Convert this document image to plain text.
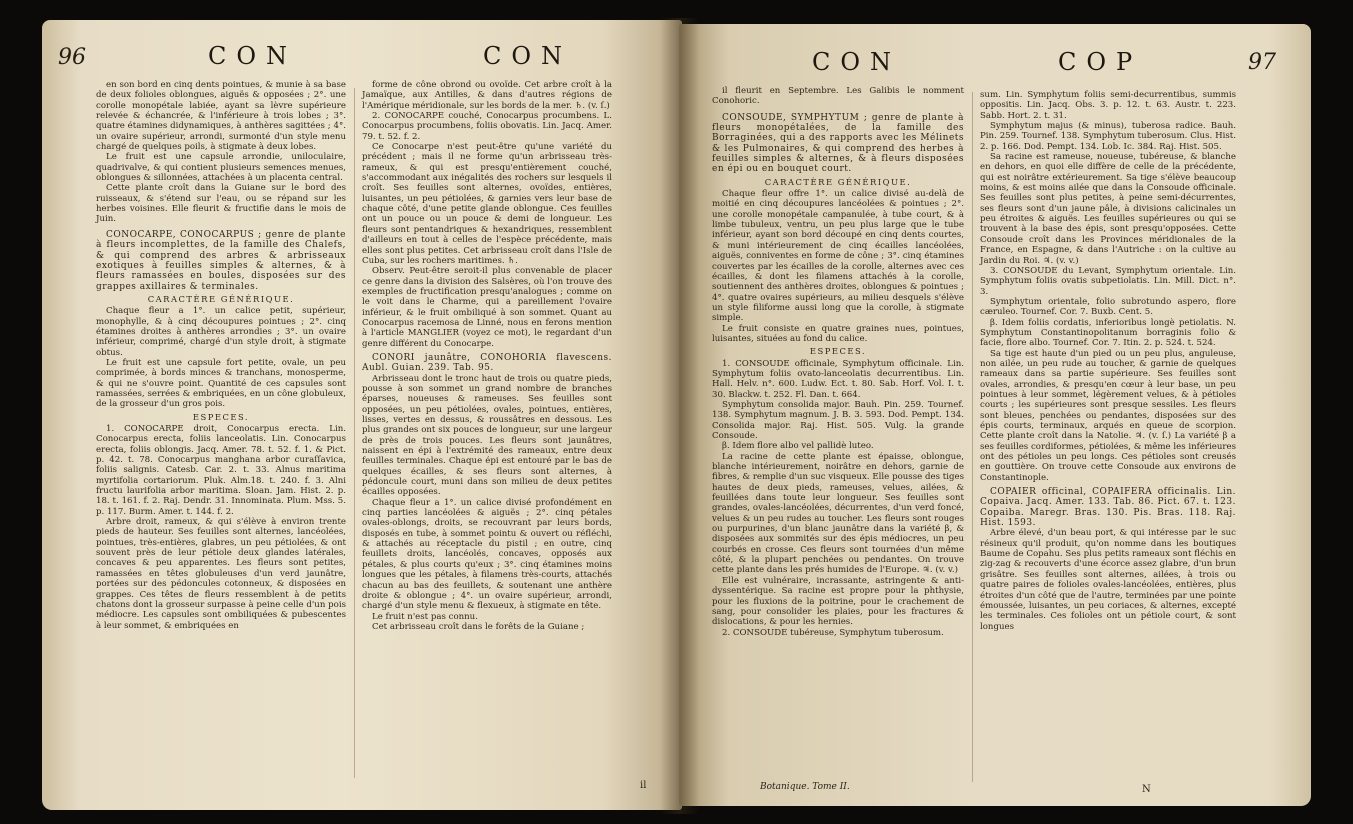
96	CON	CON

en son bord en cinq dents pointues, & munie à sa base de deux folioles oblongues, aiguës & opposées ; 2°. une corolle monopétale labiée, ayant sa lèvre supérieure relevée & échancrée, & l'inférieure à trois lobes ; 3°. quatre étamines didynamiques, à anthères sagittées ; 4°. un ovaire supérieur, arrondi, surmonté d'un style menu chargé de quelques poils, à stigmate à deux lobes.

Le fruit est une capsule arrondie, uniloculaire, quadrivalve, & qui contient plusieurs semences menues, oblongues & sillonnées, attachées à un placenta central.

Cette plante croît dans la Guiane sur le bord des ruisseaux, & s'étend sur l'eau, ou se répand sur les herbes voisines. Elle fleurit & fructifie dans le mois de Juin.

CONOCARPE, CONOCARPUS ; genre de plante à fleurs incomplettes, de la famille des Chalefs, & qui comprend des arbres & arbrisseaux exotiques à feuilles simples & alternes, & à fleurs ramassées en boules, disposées sur des grappes axillaires & terminales.

CARACTÈRE GÉNÉRIQUE.

Chaque fleur a 1°. un calice petit, supérieur, monophylle, & à cinq découpures pointues ; 2°. cinq étamines droites à anthères arrondies ; 3°. un ovaire inférieur, comprimé, chargé d'un style droit, à stigmate obtus.

Le fruit est une capsule fort petite, ovale, un peu comprimée, à bords minces & tranchans, monosperme, & qui ne s'ouvre point. Quantité de ces capsules sont ramassées, serrées & embriquées, en un cône globuleux, de la grosseur d'un gros pois.

ESPECES.

1. CONOCARPE droit, Conocarpus erecta. Lin. Conocarpus erecta, foliis lanceolatis. Lin. Conocarpus erecta, foliis oblongis. Jacq. Amer. 78. t. 52. f. 1. & Pict. p. 42. t. 78. Conocarpus manghana arbor curaſſavica, foliis salignis. Catesb. Car. 2. t. 33. Alnus maritima myrtifolia cortariorum. Pluk. Alm.18. t. 240. f. 3. Alni fructu laurifolia arbor maritima. Sloan. Jam. Hist. 2. p. 18. t. 161. f. 2. Raj. Dendr. 31. Innominata. Plum. Mss. 5. p. 117. Burm. Amer. t. 144. f. 2.

Arbre droit, rameux, & qui s'élève à environ trente pieds de hauteur. Ses feuilles sont alternes, lancéolées, pointues, très-entières, glabres, un peu pétiolées, & ont souvent près de leur pétiole deux glandes latérales, concaves & peu apparentes. Les fleurs sont petites, ramassées en têtes globuleuses d'un verd jaunâtre, portées sur des pédoncules cotonneux, & disposées en grappes. Ces têtes de fleurs ressemblent à de petits chatons dont la grosseur surpasse à peine celle d'un pois médiocre. Les capsules sont ombiliquées & pubescentes à leur sommet, & embriquées en

forme de cône obrond ou ovoïde. Cet arbre croît à la Jamaïque, aux Antilles, & dans d'autres régions de l'Amérique méridionale, sur les bords de la mer. ♄. (v. ſ.)

2. CONOCARPE couché, Conocarpus procumbens. L. Conocarpus procumbens, foliis obovatis. Lin. Jacq. Amer. 79. t. 52. f. 2.

Ce Conocarpe n'est peut-être qu'une variété du précédent ; mais il ne forme qu'un arbrisseau très-rameux, & qui est presqu'entièrement couché, s'accommodant aux inégalités des rochers sur lesquels il croît. Ses feuilles sont alternes, ovoïdes, entières, luisantes, un peu pétiolées, & garnies vers leur base de chaque côté, d'une petite glande oblongue. Ces feuilles ont un pouce ou un pouce & demi de longueur. Les fleurs sont pentandriques & hexandriques, ressemblent d'ailleurs en tout à celles de l'espèce précédente, mais elles sont plus petites. Cet arbrisseau croît dans l'Isle de Cuba, sur les rochers maritimes. ♄.

Observ. Peut-être seroit-il plus convenable de placer ce genre dans la division des Salsères, où l'on trouve des exemples de fructification presqu'analogues ; comme on le voit dans le Charme, qui a pareillement l'ovaire inférieur, & le fruit ombiliqué à son sommet. Quant au Conocarpus racemosa de Linné, nous en ferons mention à l'article MANGLIER (voyez ce mot), le regardant d'un genre différent du Conocarpe.

CONORI jaunâtre, CONOHORIA flavescens. Aubl. Guian. 239. Tab. 95.

Arbrisseau dont le tronc haut de trois ou quatre pieds, pousse à son sommet un grand nombre de branches éparses, noueuses & rameuses. Ses feuilles sont opposées, un peu pétiolées, ovales, pointues, entières, lisses, vertes en dessus, & roussâtres en dessous. Les plus grandes ont six pouces de longueur, sur une largeur de près de trois pouces. Les fleurs sont jaunâtres, naissent en épi à l'extrémité des rameaux, entre deux feuilles terminales. Chaque épi est entouré par le bas de quelques écailles, & ses fleurs sont alternes, à pédoncule court, muni dans son milieu de deux petites écailles opposées.

Chaque fleur a 1°. un calice divisé profondément en cinq parties lancéolées & aiguës ; 2°. cinq pétales ovales-oblongs, droits, se recouvrant par leurs bords, disposés en tube, à sommet pointu & ouvert ou réfléchi, & attachés au réceptacle du pistil ; en outre, cinq feuillets droits, lancéolés, concaves, opposés aux pétales, & plus courts qu'eux ; 3°. cinq étamines moins longues que les pétales, à filamens très-courts, attachés chacun au bas des feuillets, & soutenant une anthère droite & oblongue ; 4°. un ovaire supérieur, arrondi, chargé d'un style menu & flexueux, à stigmate en tête.

Le fruit n'est pas connu.

Cet arbrisseau croît dans le forêts de la Guiane ;

il
CON	COP	97

il fleurit en Septembre. Les Galibis le nomment Conohoric.

CONSOUDE, SYMPHYTUM ; genre de plante à fleurs monopétalées, de la famille des Borraginées, qui a des rapports avec les Mélinets & les Pulmonaires, & qui comprend des herbes à feuilles simples & alternes, & à fleurs disposées en épi ou en bouquet court.

CARACTÈRE GÉNÉRIQUE.

Chaque fleur offre 1°. un calice divisé au-delà de moitié en cinq découpures lancéolées & pointues ; 2°. une corolle monopétale campanulée, à tube court, & à limbe tubuleux, ventru, un peu plus large que le tube inférieur, ayant son bord découpé en cinq dents courtes, & muni intérieurement de cinq écailles lancéolées, aiguës, conniventes en forme de cône ; 3°. cinq étamines couvertes par les écailles de la corolle, alternes avec ces écailles, & dont les filamens attachés à la corolle, soutiennent des anthères droites, oblongues & pointues ; 4°. quatre ovaires supérieurs, au milieu desquels s'élève un style filiforme aussi long que la corolle, à stigmate simple.

Le fruit consiste en quatre graines nues, pointues, luisantes, situées au fond du calice.

ESPECES.

1. CONSOUDE officinale, Symphytum officinale. Lin. Symphytum foliis ovato-lanceolatis decurrentibus. Lin. Hall. Helv. n°. 600. Ludw. Ect. t. 80. Sab. Horf. Vol. I. t. 30. Blackw. t. 252. Fl. Dan. t. 664.

Symphytum consolida major. Bauh. Pin. 259. Tournef. 138. Symphytum magnum. J. B. 3. 593. Dod. Pempt. 134. Consolida major. Raj. Hist. 505. Vulg. la grande Consoude.

β. Idem flore albo vel pallidè luteo.

La racine de cette plante est épaisse, oblongue, blanche intérieurement, noirâtre en dehors, garnie de fibres, & remplie d'un suc visqueux. Elle pousse des tiges hautes de deux pieds, rameuses, velues, ailées, & feuillées dans toute leur longueur. Ses feuilles sont grandes, ovales-lancéolées, décurrentes, d'un verd foncé, velues & un peu rudes au toucher. Les fleurs sont rouges ou purpurines, d'un blanc jaunâtre dans la variété β, & disposées aux sommités sur des épis médiocres, un peu courbés en crosse. Ces fleurs sont tournées d'un même côté, & la plupart penchées ou pendantes. On trouve cette plante dans les prés humides de l'Europe. ♃. (v. v.)

Elle est vulnéraire, incrassante, astringente & anti-dyssentérique. Sa racine est propre pour la phthysie, pour les fluxions de la poitrine, pour le crachement de sang, pour consolider les plaies, pour les fractures & dislocations, & pour les hernies.

2. CONSOUDE tubéreuse, Symphytum tuberosum.

sum. Lin. Symphytum foliis semi-decurrentibus, summis oppositis. Lin. Jacq. Obs. 3. p. 12. t. 63. Austr. t. 223. Sabb. Hort. 2. t. 31.

Symphytum majus (& minus), tuberosa radice. Bauh. Pin. 259. Tournef. 138. Symphytum tuberosum. Clus. Hist. 2. p. 166. Dod. Pempt. 134. Lob. Ic. 384. Raj. Hist. 505.

Sa racine est rameuse, noueuse, tubéreuse, & blanche en dehors, en quoi elle diffère de celle de la précédente, qui est noirâtre extérieurement. Sa tige s'élève beaucoup moins, & est moins ailée que dans la Consoude officinale. Ses feuilles sont plus petites, à peine semi-décurrentes, ses fleurs sont d'un jaune pâle, à divisions calicinales un peu étroites & aiguës. Les feuilles supérieures ou qui se trouvent à la base des épis, sont presqu'opposées. Cette Consoude croît dans les Provinces méridionales de la France, en Espagne, & dans l'Autriche : on la cultive au Jardin du Roi. ♃. (v. v.)

3. CONSOUDE du Levant, Symphytum orientale. Lin. Symphytum foliis ovatis subpetiolatis. Lin. Mill. Dict. n°. 3.

Symphytum orientale, folio subrotundo aspero, flore cæruleo. Tournef. Cor. 7. Buxb. Cent. 5.

β. Idem foliis cordatis, inferioribus longè petiolatis. N. Symphytum Constantinopolitanum borraginis folio & facie, flore albo. Tournef. Cor. 7. Itin. 2. p. 524. t. 524.

Sa tige est haute d'un pied ou un peu plus, anguleuse, non ailée, un peu rude au toucher, & garnie de quelques rameaux dans sa partie supérieure. Ses feuilles sont ovales, arrondies, & presqu'en cœur à leur base, un peu pointues à leur sommet, légèrement velues, & à pétioles courts ; les supérieures sont presque sessiles. Les fleurs sont bleues, penchées ou pendantes, disposées sur des épis courts, terminaux, arqués en queue de scorpion. Cette plante croît dans la Natolie. ♃. (v. ſ.) La variété β a ses feuilles cordiformes, pétiolées, & même les inférieures ont des pétioles un peu longs. Ces pétioles sont creusés en gouttière. On trouve cette Consoude aux environs de Constantinople.

COPAIER officinal, COPAIFERA officinalis. Lin. Copaiva. Jacq. Amer. 133. Tab. 86. Pict. 67. t. 123. Copaiba. Maregr. Bras. 130. Pis. Bras. 118. Raj. Hist. 1593.

Arbre élevé, d'un beau port, & qui intéresse par le suc résineux qu'il produit, qu'on nomme dans les boutiques Baume de Copahu. Ses plus petits rameaux sont fléchis en zig-zag & recouverts d'une écorce assez glabre, d'un brun grisâtre. Ses feuilles sont alternes, ailées, à trois ou quatre paires de folioles ovales-lancéolées, entières, plus étroites d'un côté que de l'autre, terminées par une pointe émoussée, luisantes, un peu coriaces, & alternes, excepté les terminales. Ces folioles ont un pétiole court, & sont longues

Botanique. Tome II.	N
